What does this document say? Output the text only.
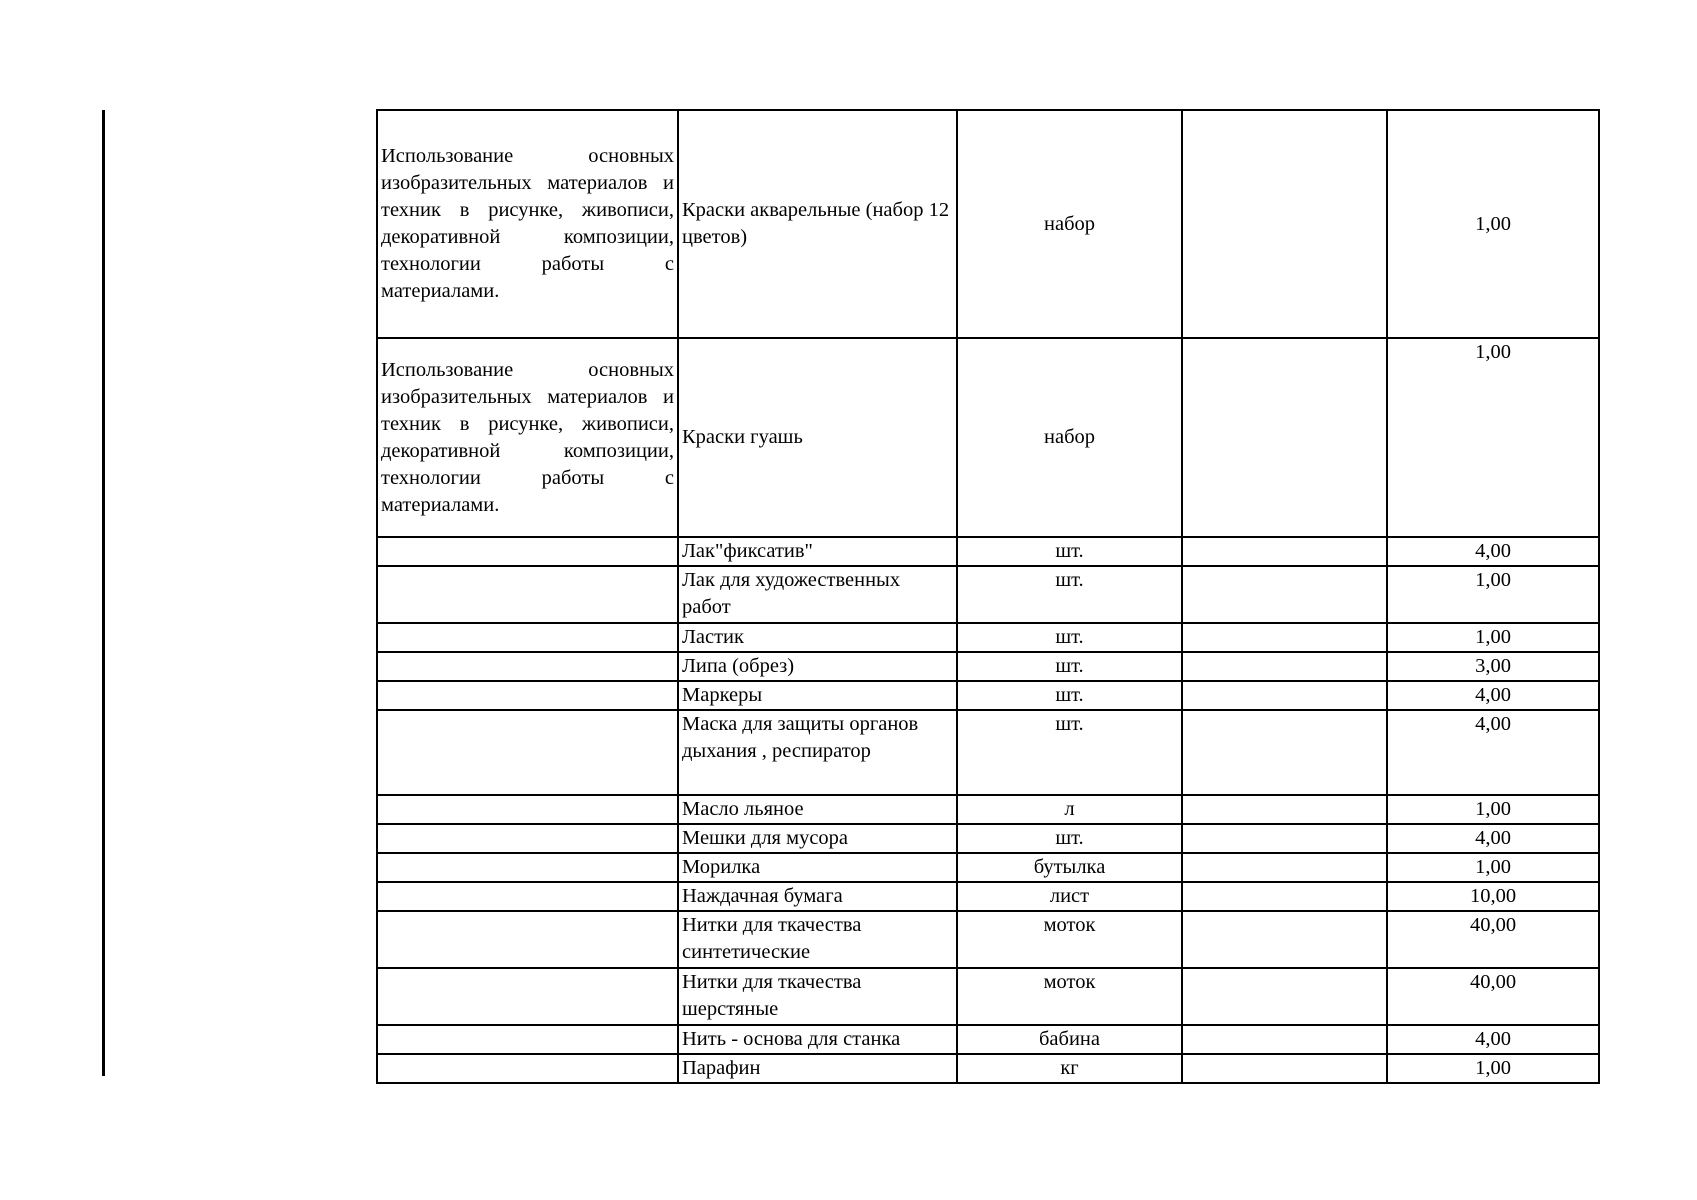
Использование основных изобразительных материалов и техник в рисунке, живописи, декоративной композиции, технологии работы с материалами.	Краски акварельные (набор 12 цветов)	набор		1,00
Использование основных изобразительных материалов и техник в рисунке, живописи, декоративной композиции, технологии работы с материалами.	Краски гуашь	набор		1,00
	Лак"фиксатив"	шт.		4,00
	Лак для художественных работ	шт.		1,00
	Ластик	шт.		1,00
	Липа (обрез)	шт.		3,00
	Маркеры	шт.		4,00
	Маска для защиты органов дыхания , респиратор	шт.		4,00
	Масло льяное	л		1,00
	Мешки для мусора	шт.		4,00
	Морилка	бутылка		1,00
	Наждачная бумага	лист		10,00
	Нитки для ткачества синтетические	моток		40,00
	Нитки для ткачества шерстяные	моток		40,00
	Нить - основа для станка	бабина		4,00
	Парафин	кг		1,00
